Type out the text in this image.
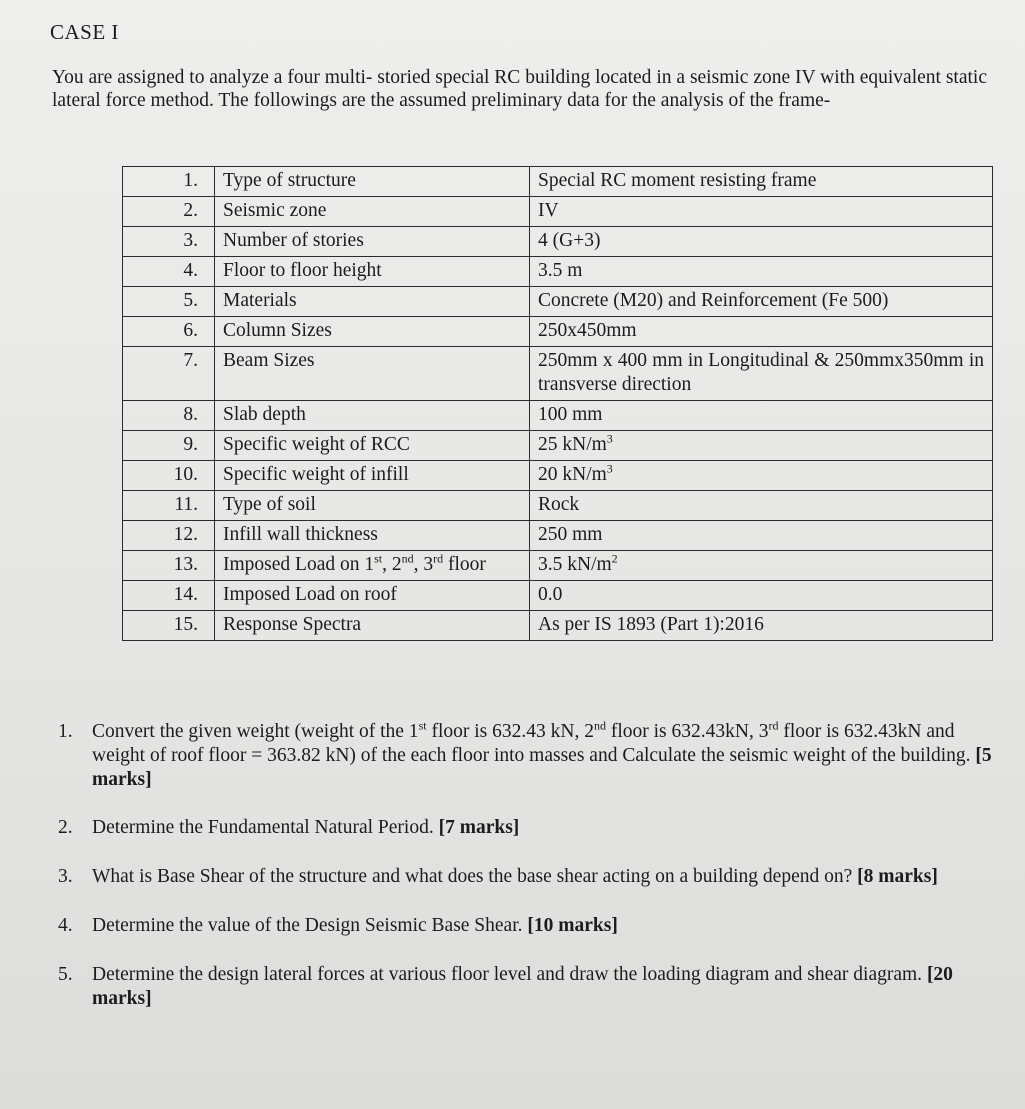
CASE I
You are assigned to analyze a four multi- storied special RC building located in a seismic zone IV with equivalent static lateral force method. The followings are the assumed preliminary data for the analysis of the frame-
1.	Type of structure	Special RC moment resisting frame
2.	Seismic zone	IV
3.	Number of stories	4 (G+3)
4.	Floor to floor height	3.5 m
5.	Materials	Concrete (M20) and Reinforcement (Fe 500)
6.	Column Sizes	250x450mm
7.	Beam Sizes	250mm x 400 mm in Longitudinal & 250mmx350mm in transverse direction
8.	Slab depth	100 mm
9.	Specific weight of RCC	25 $kN/m^3$
10.	Specific weight of infill	20 $kN/m^3$
11.	Type of soil	Rock
12.	Infill wall thickness	250 mm
13.	Imposed Load on 1st, 2nd, 3rd floor	3.5 $kN/m^2$
14.	Imposed Load on roof	0.0
15.	Response Spectra	As per IS 1893 (Part 1):2016
1. Convert the given weight (weight of the 1st floor is 632.43 kN, 2nd floor is 632.43kN, 3rd floor is 632.43kN and weight of roof floor = 363.82 kN) of the each floor into masses and Calculate the seismic weight of the building. [5 marks]
2. Determine the Fundamental Natural Period. [7 marks]
3. What is Base Shear of the structure and what does the base shear acting on a building depend on? [8 marks]
4. Determine the value of the Design Seismic Base Shear. [10 marks]
5. Determine the design lateral forces at various floor level and draw the loading diagram and shear diagram. [20 marks]
